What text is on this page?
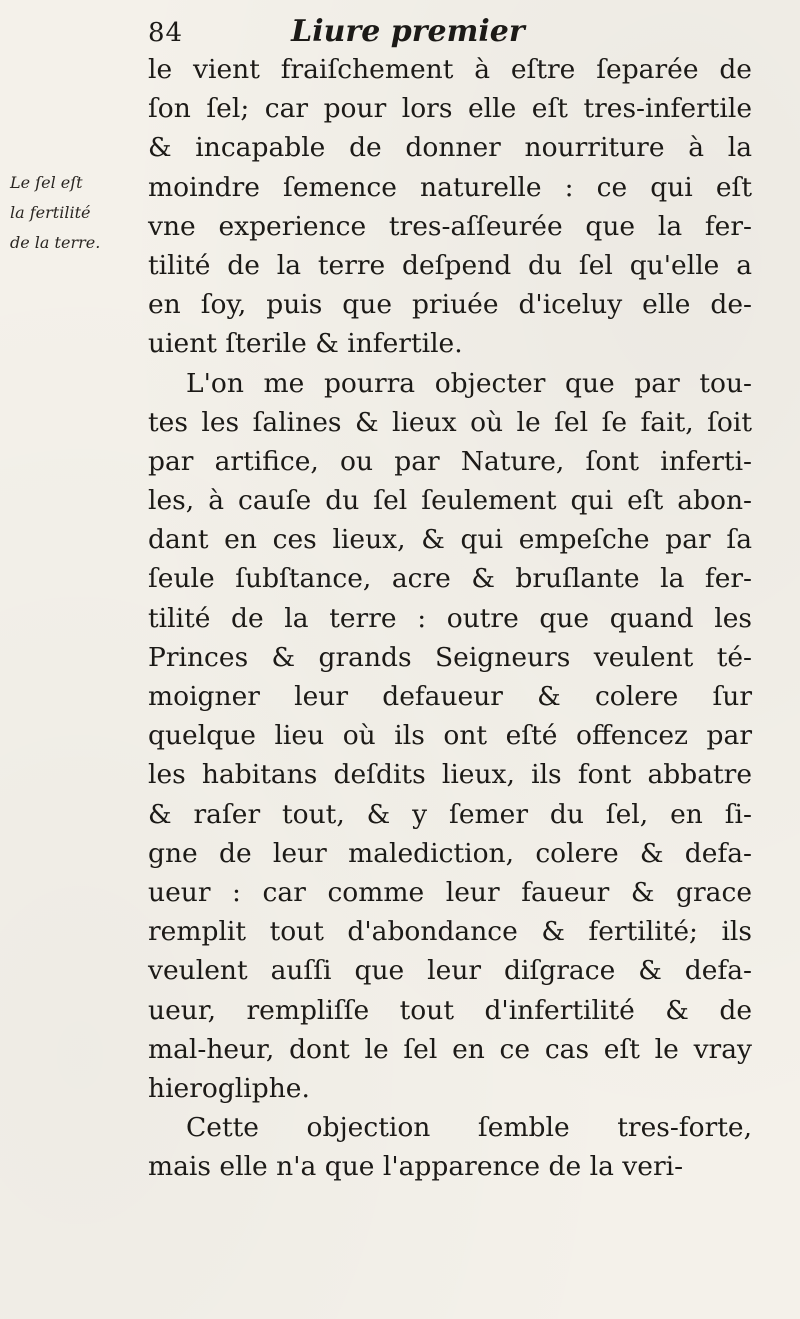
84	Liure premier
Le ſel eſt
la fertilité
de la terre.
le vient fraiſchement à eſtre ſeparée de
ſon ſel; car pour lors elle eſt tres-infertile
& incapable de donner nourriture à la
moindre ſemence naturelle : ce qui eſt
vne experience tres-aſſeurée que la fer-
tilité de la terre deſpend du ſel qu'elle a
en ſoy, puis que priuée d'iceluy elle de-
uient ſterile & infertile.
L'on me pourra objecter que par tou-
tes les ſalines & lieux où le ſel ſe fait, ſoit
par artifice, ou par Nature, ſont inferti-
les, à cauſe du ſel ſeulement qui eſt abon-
dant en ces lieux, & qui empeſche par ſa
ſeule ſubſtance, acre & bruſlante la fer-
tilité de la terre : outre que quand les
Princes & grands Seigneurs veulent té-
moigner leur defaueur & colere ſur
quelque lieu où ils ont eſté offencez par
les habitans deſdits lieux, ils font abbatre
& raſer tout, & y ſemer du ſel, en ſi-
gne de leur malediction, colere & defa-
ueur : car comme leur faueur & grace
remplit tout d'abondance & fertilité; ils
veulent auſſi que leur diſgrace & defa-
ueur, rempliſſe tout d'infertilité & de
mal-heur, dont le ſel en ce cas eſt le vray
hierogliphe.
Cette objection ſemble tres-forte,
mais elle n'a que l'apparence de la veri-
